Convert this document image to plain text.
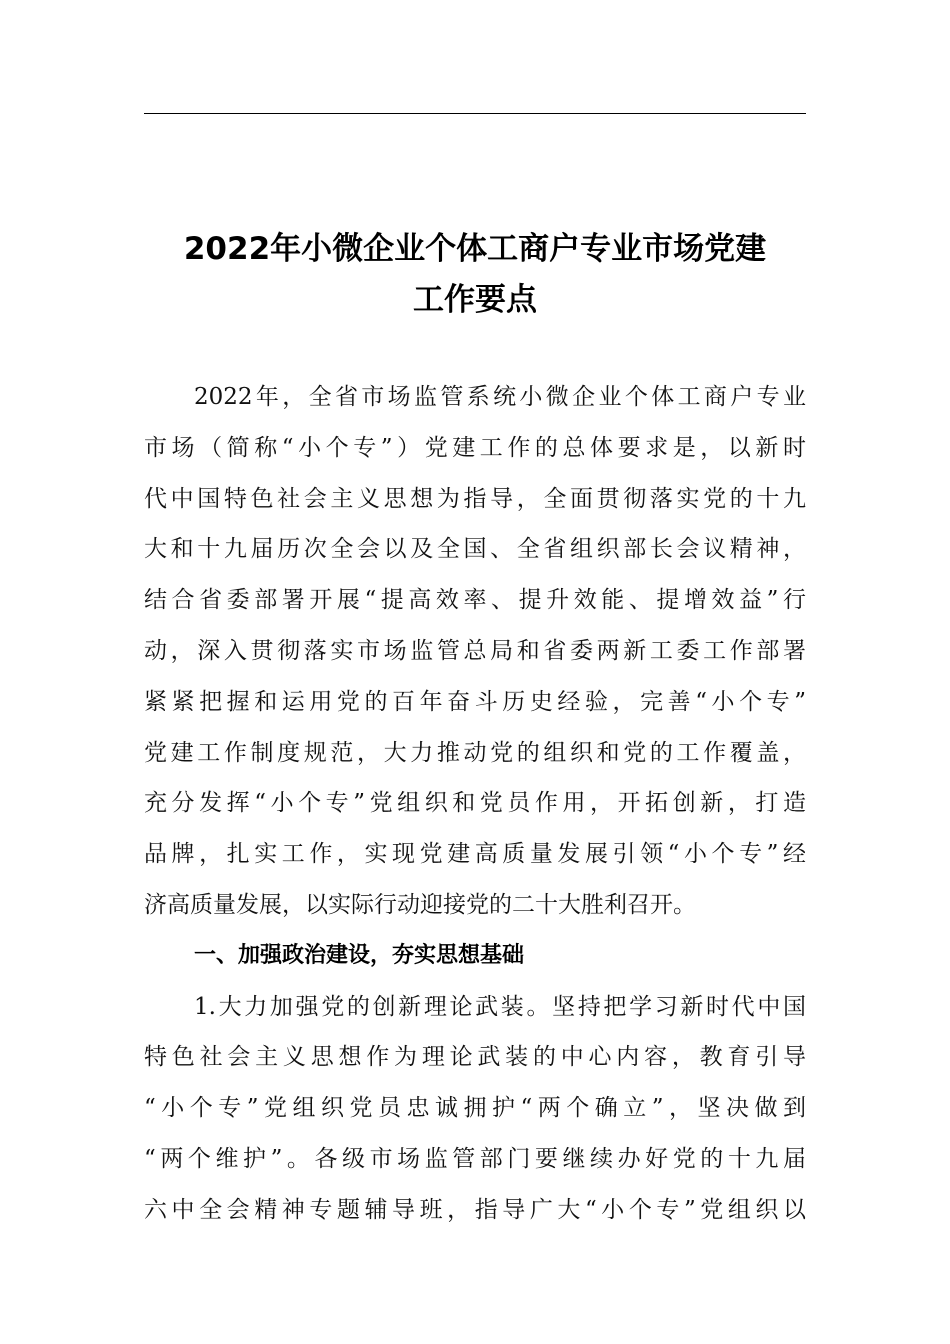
2022年小微企业个体工商户专业市场党建
工作要点
2022年，全省市场监管系统小微企业个体工商户专业
市场（简称“小个专”）党建工作的总体要求是，以新时
代中国特色社会主义思想为指导，全面贯彻落实党的十九
大和十九届历次全会以及全国、全省组织部长会议精神，
结合省委部署开展“提高效率、提升效能、提增效益”行
动，深入贯彻落实市场监管总局和省委两新工委工作部署
紧紧把握和运用党的百年奋斗历史经验，完善“小个专”
党建工作制度规范，大力推动党的组织和党的工作覆盖，
充分发挥“小个专”党组织和党员作用，开拓创新，打造
品牌，扎实工作，实现党建高质量发展引领“小个专”经
济高质量发展，以实际行动迎接党的二十大胜利召开。
一、加强政治建设，夯实思想基础
1.大力加强党的创新理论武装。坚持把学习新时代中国
特色社会主义思想作为理论武装的中心内容，教育引导
“小个专”党组织党员忠诚拥护“两个确立”，坚决做到
“两个维护”。各级市场监管部门要继续办好党的十九届
六中全会精神专题辅导班，指导广大“小个专”党组织以
